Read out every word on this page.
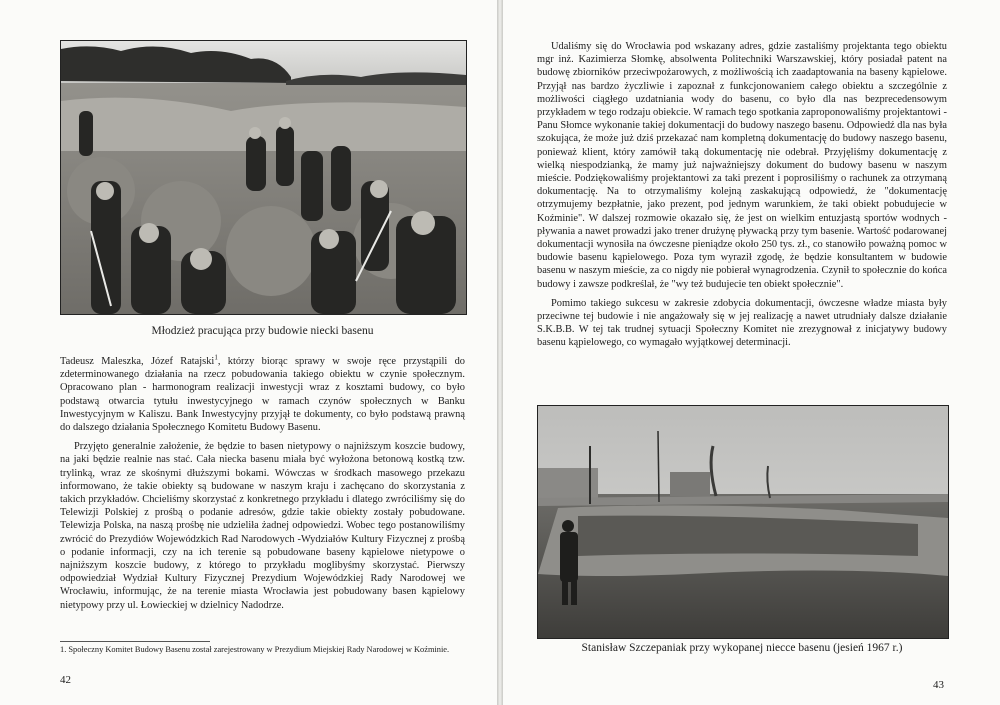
Młodzież pracująca przy budowie niecki basenu

Tadeusz Maleszka, Józef Ratajski$^1$, którzy biorąc sprawy w swoje ręce przystąpili do zdeterminowanego działania na rzecz pobudowania takiego obiektu w czynie społecznym. Opracowano plan - harmonogram realizacji inwestycji wraz z kosztami budowy, co było podstawą otwarcia tytułu inwestycyjnego w ramach czynów społecznych w Banku Inwestycyjnym w Kaliszu. Bank Inwestycyjny przyjął te dokumenty, co było podstawą prawną do dalszego działania Społecznego Komitetu Budowy Basenu.

Przyjęto generalnie założenie, że będzie to basen nietypowy o najniższym koszcie budowy, na jaki będzie realnie nas stać. Cała niecka basenu miała być wyłożona betonową kostką tzw. trylinką, wraz ze skośnymi dłuższymi bokami. Wówczas w środkach masowego przekazu informowano, że takie obiekty są budowane w naszym kraju i zachęcano do skorzystania z takich przykładów. Chcieliśmy skorzystać z konkretnego przykładu i dlatego zwróciliśmy się do Telewizji Polskiej z prośbą o podanie adresów, gdzie takie obiekty zostały pobudowane. Telewizja Polska, na naszą prośbę nie udzieliła żadnej odpowiedzi. Wobec tego postanowiliśmy zwrócić do Prezydiów Wojewódzkich Rad Narodowych -Wydziałów Kultury Fizycznej z prośbą o podanie informacji, czy na ich terenie są pobudowane baseny kąpielowe nietypowe o najniższym koszcie budowy, z którego to przykładu moglibyśmy skorzystać. Pierwszy odpowiedział Wydział Kultury Fizycznej Prezydium Wojewódzkiej Rady Narodowej we Wrocławiu, informując, że na terenie miasta Wrocławia jest pobudowany basen kąpielowy nietypowy przy ul. Łowieckiej w dzielnicy Nadodrze.

1. Społeczny Komitet Budowy Basenu został zarejestrowany w Prezydium Miejskiej Rady Narodowej w Koźminie.
42

Udaliśmy się do Wrocławia pod wskazany adres, gdzie zastaliśmy projektanta tego obiektu mgr inż. Kazimierza Słomkę, absolwenta Politechniki Warszawskiej, który posiadał patent na budowę zbiorników przeciwpożarowych, z możliwością ich zaadaptowania na baseny kąpielowe. Przyjął nas bardzo życzliwie i zapoznał z funkcjonowaniem całego obiektu a szczególnie z możliwości ciągłego uzdatniania wody do basenu, co było dla nas bezprecedensowym przykładem w tego rodzaju obiekcie. W ramach tego spotkania zaproponowaliśmy projektantowi - Panu Słomce wykonanie takiej dokumentacji do budowy naszego basenu. Odpowiedź dla nas była szokująca, że może już dziś przekazać nam kompletną dokumentację do budowy naszego basenu, ponieważ klient, który zamówił taką dokumentację nie odebrał. Przyjęliśmy dokumentację z wielką niespodzianką, że mamy już najważniejszy dokument do budowy basenu w naszym mieście. Podziękowaliśmy projektantowi za taki prezent i poprosiliśmy o rachunek za otrzymaną dokumentację. Na to otrzymaliśmy kolejną zaskakującą odpowiedź, że "dokumentację otrzymujemy bezpłatnie, jako prezent, pod jednym warunkiem, że taki obiekt pobudujecie w Koźminie". W dalszej rozmowie okazało się, że jest on wielkim entuzjastą sportów wodnych - pływania a nawet prowadzi jako trener drużynę pływacką przy tym basenie. Wartość podarowanej dokumentacji wynosiła na ówczesne pieniądze około 250 tys. zł., co stanowiło poważną pomoc w budowie basenu kąpielowego. Poza tym wyraził zgodę, że będzie konsultantem w budowie basenu w naszym mieście, za co nigdy nie pobierał wynagrodzenia. Czynił to społecznie do końca budowy i zawsze podkreślał, że "wy też budujecie ten obiekt społecznie".

Pomimo takiego sukcesu w zakresie zdobycia dokumentacji, ówczesne władze miasta były przeciwne tej budowie i nie angażowały się w jej realizację a nawet utrudniały dalsze działanie S.K.B.B. W tej tak trudnej sytuacji Społeczny Komitet nie zrezygnował z inicjatywy budowy basenu kąpielowego, co wymagało wyjątkowej determinacji.

Stanisław Szczepaniak przy wykopanej niecce basenu (jesień 1967 r.)
43
